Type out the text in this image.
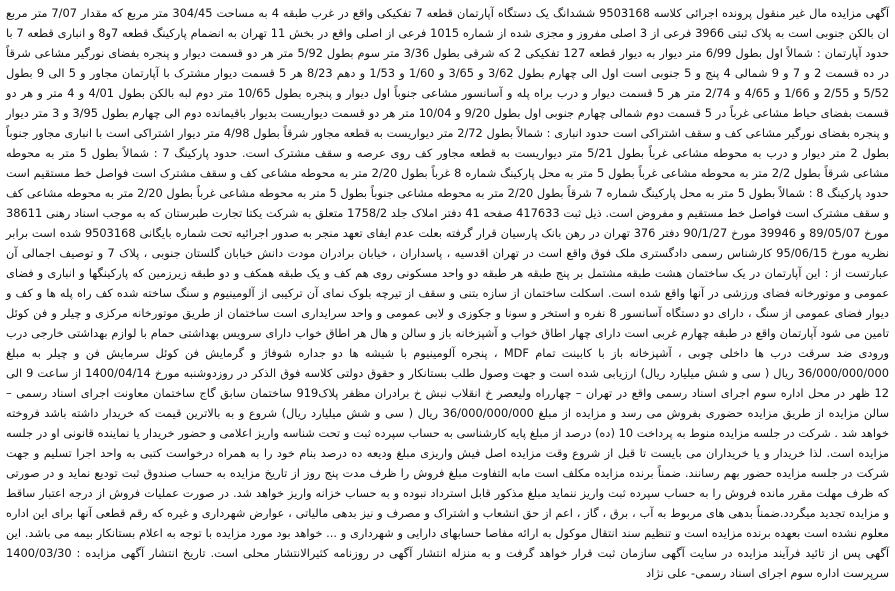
آگهی مزایده مال غیر منقول پرونده اجرائی کلاسه 9503168 ششدانگ یک دستگاه آپارتمان قطعه 7 تفکیکی واقع در غرب طبقه 4 به مساحت 304/45 متر مربع که مقدار 7/07 متر مربع ان بالکن جنوبی است به پلاک ثبتی 3966 فرعی از 3 اصلی مفروز و مجزی شده از شماره 1015 فرعی از اصلی واقع در بخش 11 تهران به انضمام پارکینگ قطعه 7و8 و انباری قطعه 7 با حدود آپارتمان : شمالاً اول بطول 6/99 متر دیوار به دیوار قطعه 127 تفکیکی 2 که شرقی بطول 3/36 متر سوم بطول 5/92 متر هر دو قسمت دیوار و پنجره بفضای نورگیر مشاعی شرقاً در ده قسمت 2 و 7 و 9 شمالی 4 پنج و 5 جنوبی است اول الی چهارم بطول 3/62 و 3/65 و 1/60 و 1/53 و دهم 8/23 هر 5 قسمت دیوار مشترک با آپارتمان مجاور و 5 الی 9 بطول 5/52 و 2/55 و 1/66 و 4/65 و 2/74 متر هر 5 قسمت دیوار و درب براه پله و آسانسور مشاعی جنوباً اول دیوار و پنجره بطول 10/65 متر دوم لبه بالکن بطول 4/01 و 4 متر و هر دو قسمت بفضای حیاط مشاعی غرباً در 5 قسمت دوم شمالی چهارم جنوبی اول بطول 9/20 و 10/04 متر هر دو قسمت دیواریست بدیوار باقیمانده دوم الی چهارم بطول 3/95 و 3 متر دیوار و پنجره بفضای نورگیر مشاعی کف و سقف اشتراکی است حدود انباری : شمالاً بطول 2/72 متر دیواریست به قطعه مجاور شرقاً بطول 4/98 متر دیوار اشتراکی است با انباری مجاور جنوباً بطول 2 متر دیوار و درب به محوطه مشاعی غرباً بطول 5/21 متر دیواریست به قطعه مجاور کف روی عرصه و سقف مشترک است. حدود پارکینگ 7 : شمالاً بطول 5 متر به محوطه مشاعی شرقاً بطول 2/2 متر به محوطه مشاعی غرباً بطول 5 متر به محل پارکینگ شماره 8 غرباً بطول 2/20 متر به محوطه مشاعی کف و سقف مشترک است فواصل خط مستقیم است حدود پارکینگ 8 : شمالاً بطول 5 متر به محل پارکینگ شماره 7 شرقاً بطول 2/20 متر به محوطه مشاعی جنوباً بطول 5 متر به محوطه مشاعی غرباً بطول 2/20 متر به محوطه مشاعی کف و سقف مشترک است فواصل خط مستقیم و مفروض است. ذیل ثبت 417633 صفحه 41 دفتر املاک جلد 1758/2 متعلق به شرکت یکتا تجارت طبرستان که به موجب اسناد رهنی 38611 مورخ 89/05/07 و 39946 مورخ 90/1/27 دفتر 376 تهران در رهن بانک پارسیان قرار گرفته بعلت عدم ایفای تعهد منجر به صدور اجرائیه تحت شماره بایگانی 9503168 شده است برابر نظریه مورخ 95/06/15 کارشناس رسمی دادگستری ملک فوق واقع است در تهران اقدسیه ، پاسداران ، خیابان برادران مودت دانش خیابان گلستان جنوبی ، پلاک 7 و توصیف اجمالی آن عبارتست از : این آپارتمان در یک ساختمان هشت طبقه مشتمل بر پنج طبقه هر طبقه دو واحد مسکونی روی هم کف و یک طبقه همکف و دو طبقه زیرزمین که پارکینگها و انباری و فضای عمومی و موتورخانه فضای ورزشی در آنها واقع شده است. اسکلت ساختمان از سازه بتنی و سقف از تیرچه بلوک نمای آن ترکیبی از آلومینیوم و سنگ ساخته شده کف راه پله ها و کف و دیوار فضای عمومی از سنگ ، دارای دو دستگاه آسانسور 8 نفره و استخر و سونا و جکوزی و لابی عمومی و واحد سرایداری است ساختمان از طریق موتورخانه مرکزی و چیلر و فن کوئل تامین می شود آپارتمان واقع در طبقه چهارم غربی است دارای چهار اطاق خواب و آشپزخانه باز و سالن و هال هر اطاق خواب دارای سرویس بهداشتی حمام با لوازم بهداشتی خارجی درب ورودی ضد سرقت درب ها داخلی چوبی ، آشپزخانه باز با کابینت تمام MDF ، پنجره آلومینیوم با شیشه ها دو جداره شوفاژ و گرمایش فن کوئل سرمایش فن و چیلر به مبلغ 36/000/000/000 ریال ( سی و شش میلیارد ریال) ارزیابی شده است و جهت وصول طلب بستانکار و حقوق دولتی کلاسه فوق الذکر در روزدوشنبه مورخ 1400/04/14 از ساعت 9 الی 12 ظهر در محل اداره سوم اجرای اسناد رسمی واقع در تهران – چهارراه ولیعصر خ انقلاب نبش خ برادران مظفر پلاک919 ساختمان سابق گاج ساختمان معاونت اجرای اسناد رسمی – سالن مزایده از طریق مزایده حضوری بفروش می رسد و مزایده از مبلغ 36/000/000/000 ریال ( سی و شش میلیارد ریال) شروع و به بالاترین قیمت که خریدار داشته باشد فروخته خواهد شد . شرکت در جلسه مزایده منوط به پرداخت 10 (ده) درصد از مبلغ پایه کارشناسی به حساب سپرده ثبت و تحت شناسه واریز اعلامی و حضور خریدار یا نماینده قانونی او در جلسه مزایده است. لذا خریدار و یا خریداران می بایست تا قبل از شروع وقت مزایده اصل فیش واریزی مبلغ ودیعه ده درصد بنام خود را به همراه درخواست کتبی به واحد اجرا تسلیم و جهت شرکت در جلسه مزایده حضور بهم رسانند. ضمناً برنده مزایده مکلف است مابه التفاوت مبلغ فروش را ظرف مدت پنج روز از تاریخ مزایده به حساب صندوق ثبت تودیع نماید و در صورتی که ظرف مهلت مقرر مانده فروش را به حساب سپرده ثبت واریز ننماید مبلغ مذکور قابل استرداد نبوده و به حساب خزانه واریز خواهد شد. در صورت عملیات فروش از درجه اعتبار ساقط و مزایده تجدید میگردد.ضمناً بدهی های مربوط به آب ، برق ، گاز ، اعم از حق انشعاب و اشتراک و مصرف و نیز بدهی مالیاتی ، عوارض شهرداری و غیره که رقم قطعی آنها برای این اداره معلوم نشده است بعهده برنده مزایده است و تنظیم سند انتقال موکول به ارائه مفاصا حسابهای دارایی و شهرداری و ... خواهد بود مورد مزایده با توجه به اعلام بستانکار بیمه می باشد. این آگهی پس از تائید فرآیند مزایده در سایت آگهی سازمان ثبت قرار خواهد گرفت و به منزله انتشار آگهی در روزنامه کثیرالانتشار محلی است. تاریخ انتشار آگهی مزایده : 1400/03/30 سرپرست اداره سوم اجرای اسناد رسمی- علی نژاد
